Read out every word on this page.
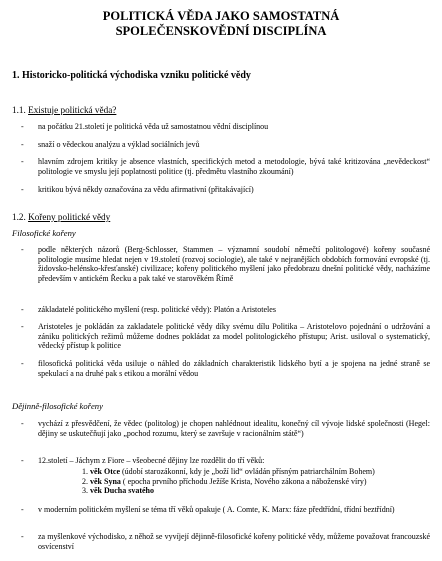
POLITICKÁ VĚDA JAKO SAMOSTATNÁ
SPOLEČENSKOVĚDNÍ DISCIPLÍNA
1. Historicko-politická východiska vzniku politické vědy
1.1. Existuje politická věda?
- na počátku 21.století je politická věda už samostatnou vědní disciplínou
- snaží o vědeckou analýzu a výklad sociálních jevů
- hlavním zdrojem kritiky je absence vlastních, specifických metod a metodologie, bývá také kritizována „nevědeckost“ politologie ve smyslu její poplatnosti politice (tj. předmětu vlastního zkoumání)
- kritikou bývá někdy označována za vědu afirmativní (přitakávající)
1.2. Kořeny politické vědy
Filosofické kořeny
- podle některých názorů (Berg-Schlosser, Stammen – významní soudobí němečtí politologové) kořeny současné politologie musíme hledat nejen v 19.století (rozvoj sociologie), ale také v nejranějších obdobích formování evropské (tj. židovsko-helénsko-křesťanské) civilizace; kořeny politického myšlení jako předobrazu dnešní politické vědy, nacházíme především v antickém Řecku a pak také ve starověkém Římě
- základatelé politického myšlení (resp. politické vědy): Platón a Aristoteles
- Aristoteles je pokládán za zakladatele politické vědy díky svému dílu Politika – Aristotelovo pojednání o udržování a zániku politických režimů můžeme dodnes pokládat za model politologického přístupu; Arist. usiloval o systematický, vědecký přístup k politice
- filosofická politická věda usiluje o náhled do základních charakteristik lidského bytí a je spojena na jedné straně se spekulací a na druhé pak s etikou a morální vědou
Dějinně-filosofické kořeny
- vychází z přesvědčení, že vědec (politolog) je chopen nahlédnout idealitu, konečný cíl vývoje lidské společnosti (Hegel: dějiny se uskutečňují jako „pochod rozumu, který se završuje v racionálním státě“)
- 12.století – Jáchym z Fiore – všeobecné dějiny lze rozdělit do tří věků:
1. věk Otce (údobí starozákonní, kdy je „boží lid“ ovládán přísným patriarchálním Bohem)
2. věk Syna ( epocha prvního příchodu Ježíše Krista, Nového zákona a náboženské víry)
3. věk Ducha svatého
- v moderním politickém myšlení se téma tří věků opakuje ( A. Comte, K. Marx: fáze předtřídní, třídní beztřídní)
- za myšlenkové východisko, z něhož se vyvíjejí dějinně-filosofické kořeny politické vědy, můžeme považovat francouzské osvícenství
